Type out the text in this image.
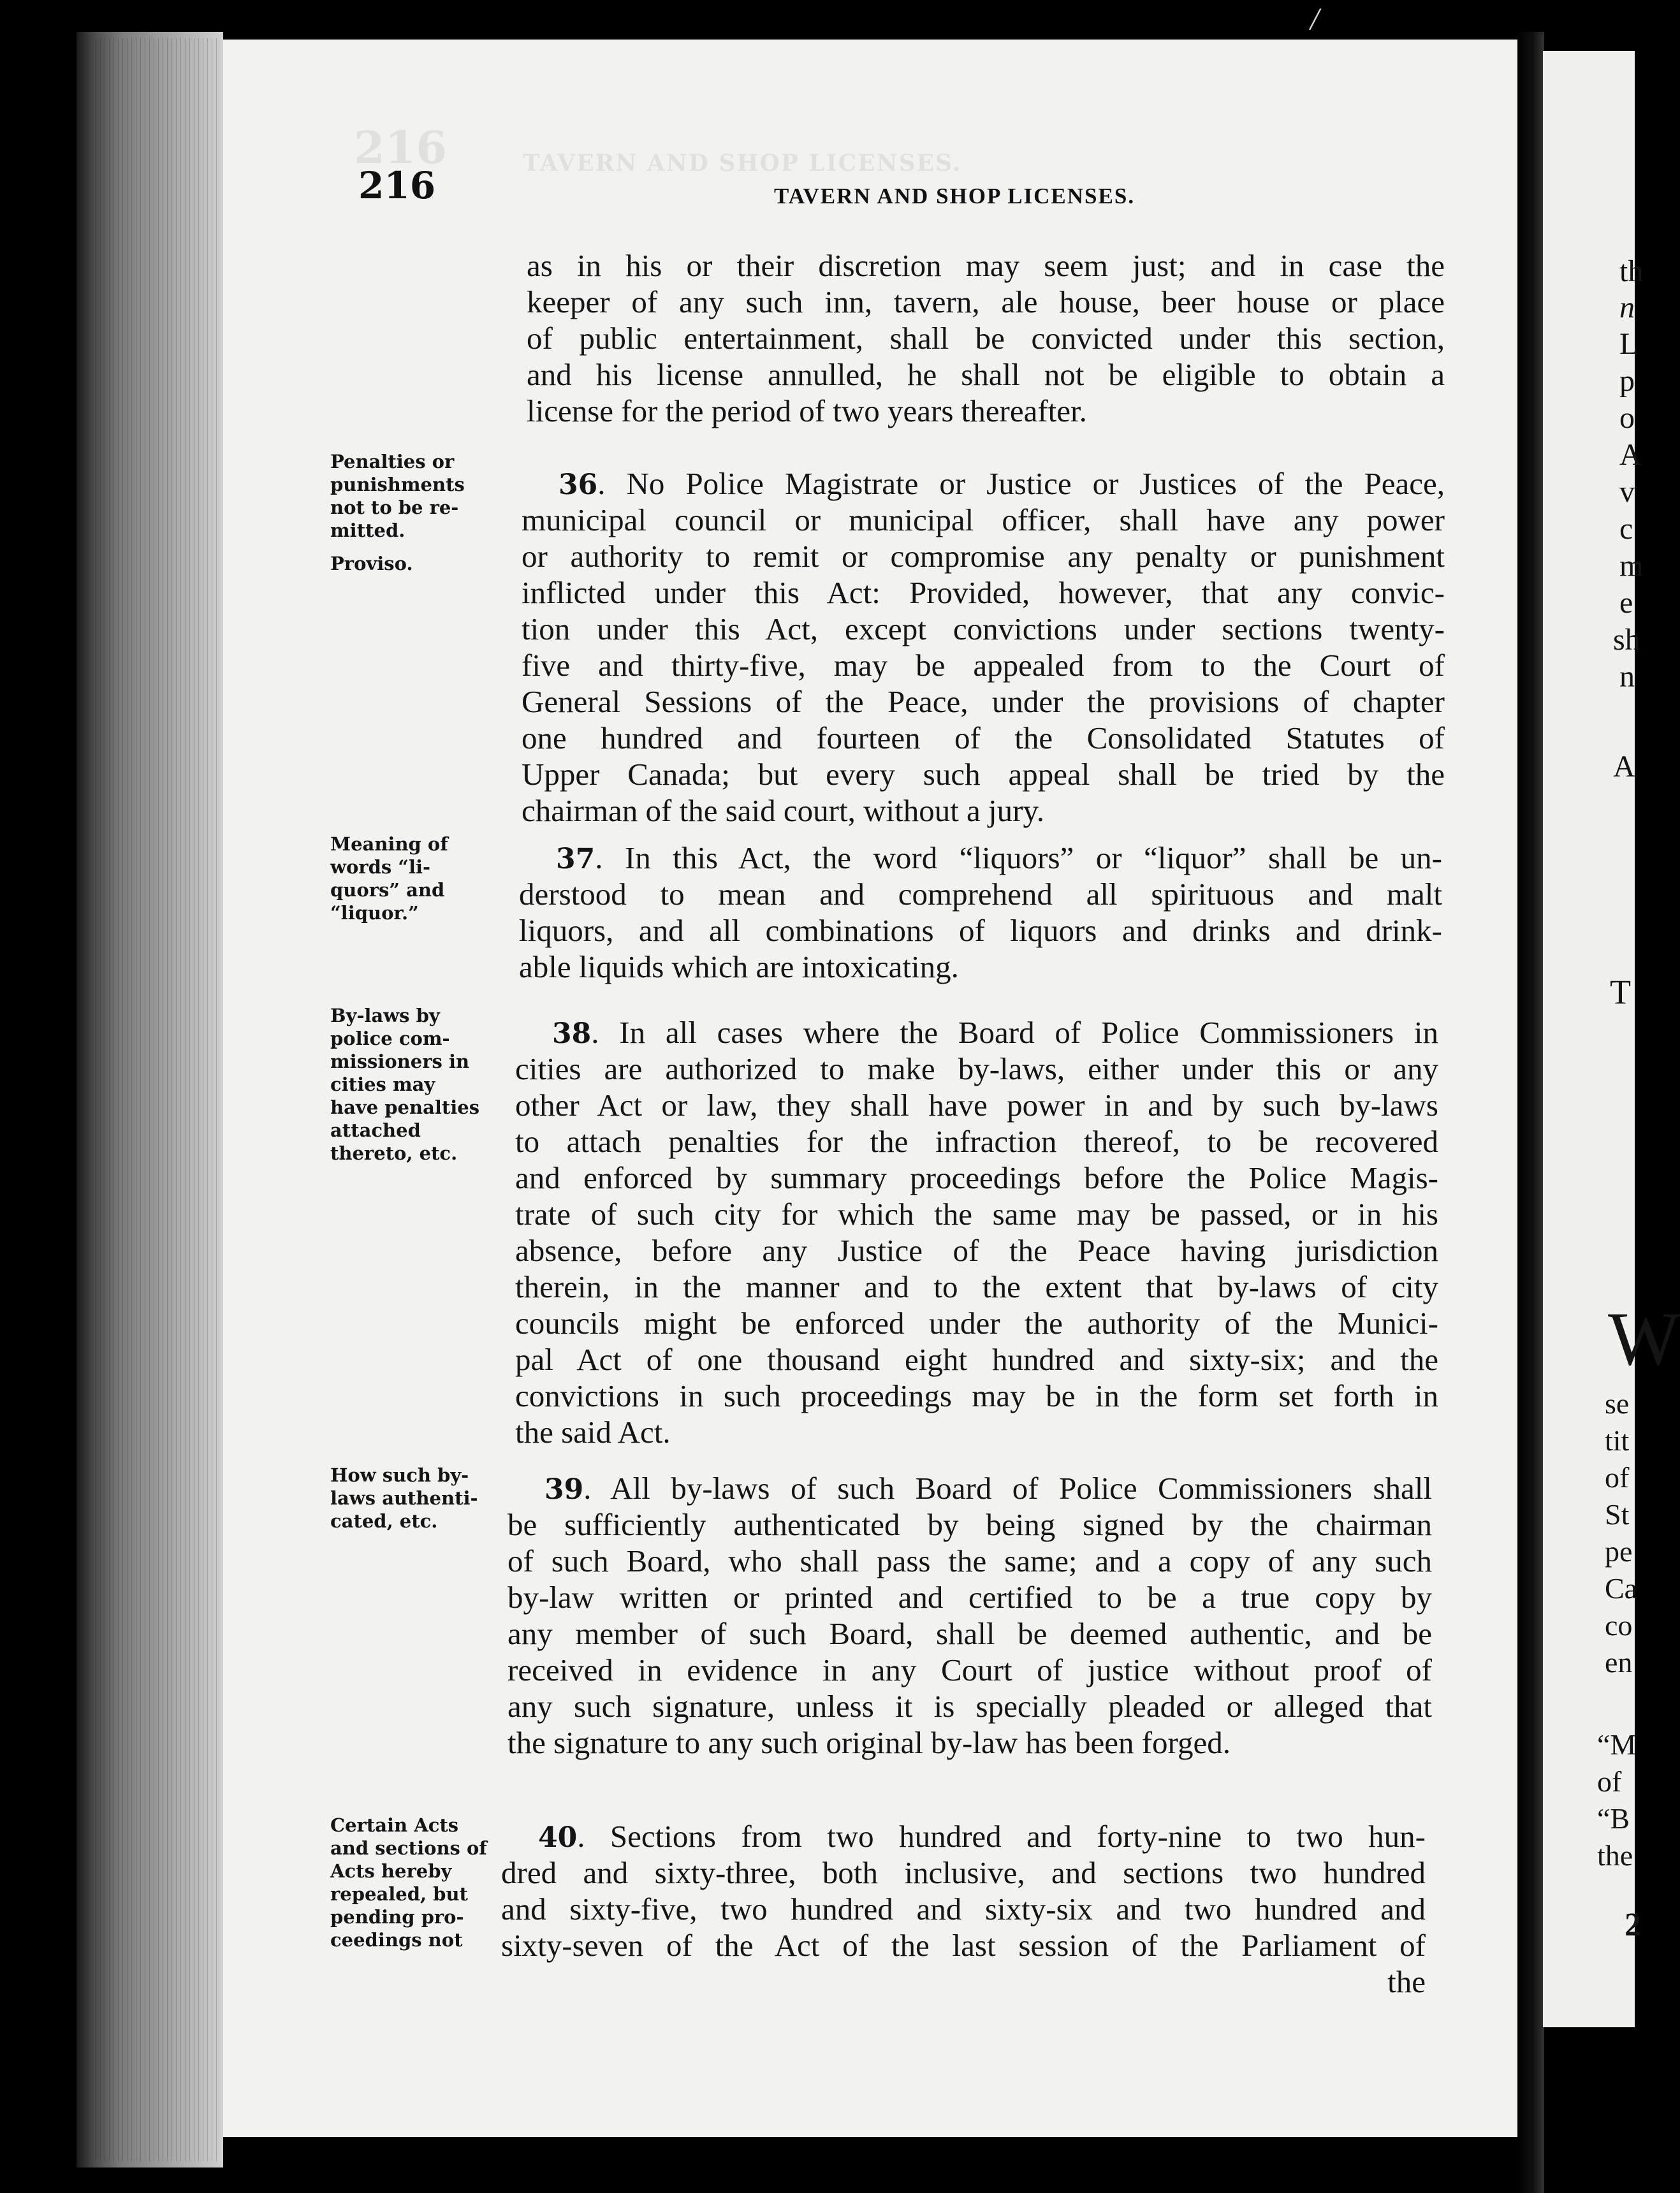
/
216	TAVERN AND SHOP LICENSES.
216	TAVERN AND SHOP LICENSES.
as in his or their discretion may seem just; and in case the
keeper of any such inn, tavern, ale house, beer house or place
of public entertainment, shall be convicted under this section,
and his license annulled, he shall not be eligible to obtain a
license for the period of two years thereafter.
Penalties or
punishments
not to be re-
mitted.
Proviso.
36. No Police Magistrate or Justice or Justices of the Peace,
municipal council or municipal officer, shall have any power
or authority to remit or compromise any penalty or punishment
inflicted under this Act: Provided, however, that any convic-
tion under this Act, except convictions under sections twenty-
five and thirty-five, may be appealed from to the Court of
General Sessions of the Peace, under the provisions of chapter
one hundred and fourteen of the Consolidated Statutes of
Upper Canada; but every such appeal shall be tried by the
chairman of the said court, without a jury.
Meaning of
words “li-
quors” and
“liquor.”
37. In this Act, the word “liquors” or “liquor” shall be un-
derstood to mean and comprehend all spirituous and malt
liquors, and all combinations of liquors and drinks and drink-
able liquids which are intoxicating.
By-laws by
police com-
missioners in
cities may
have penalties
attached
thereto, etc.
38. In all cases where the Board of Police Commissioners in
cities are authorized to make by-laws, either under this or any
other Act or law, they shall have power in and by such by-laws
to attach penalties for the infraction thereof, to be recovered
and enforced by summary proceedings before the Police Magis-
trate of such city for which the same may be passed, or in his
absence, before any Justice of the Peace having jurisdiction
therein, in the manner and to the extent that by-laws of city
councils might be enforced under the authority of the Munici-
pal Act of one thousand eight hundred and sixty-six; and the
convictions in such proceedings may be in the form set forth in
the said Act.
How such by-
laws authenti-
cated, etc.
39. All by-laws of such Board of Police Commissioners shall
be sufficiently authenticated by being signed by the chairman
of such Board, who shall pass the same; and a copy of any such
by-law written or printed and certified to be a true copy by
any member of such Board, shall be deemed authentic, and be
received in evidence in any Court of justice without proof of
any such signature, unless it is specially pleaded or alleged that
the signature to any such original by-law has been forged.
Certain Acts
and sections of
Acts hereby
repealed, but
pending pro-
ceedings not
40. Sections from two hundred and forty-nine to two hun-
dred and sixty-three, both inclusive, and sections two hundred
and sixty-five, two hundred and sixty-six and two hundred and
sixty-seven of the Act of the last session of the Parliament of
the
th
n
L
p
o
A
v
c
m
e
sh
n
A
T
W
se
tit
of
St
pe
Ca
co
en
“M
of
“B
the
2
